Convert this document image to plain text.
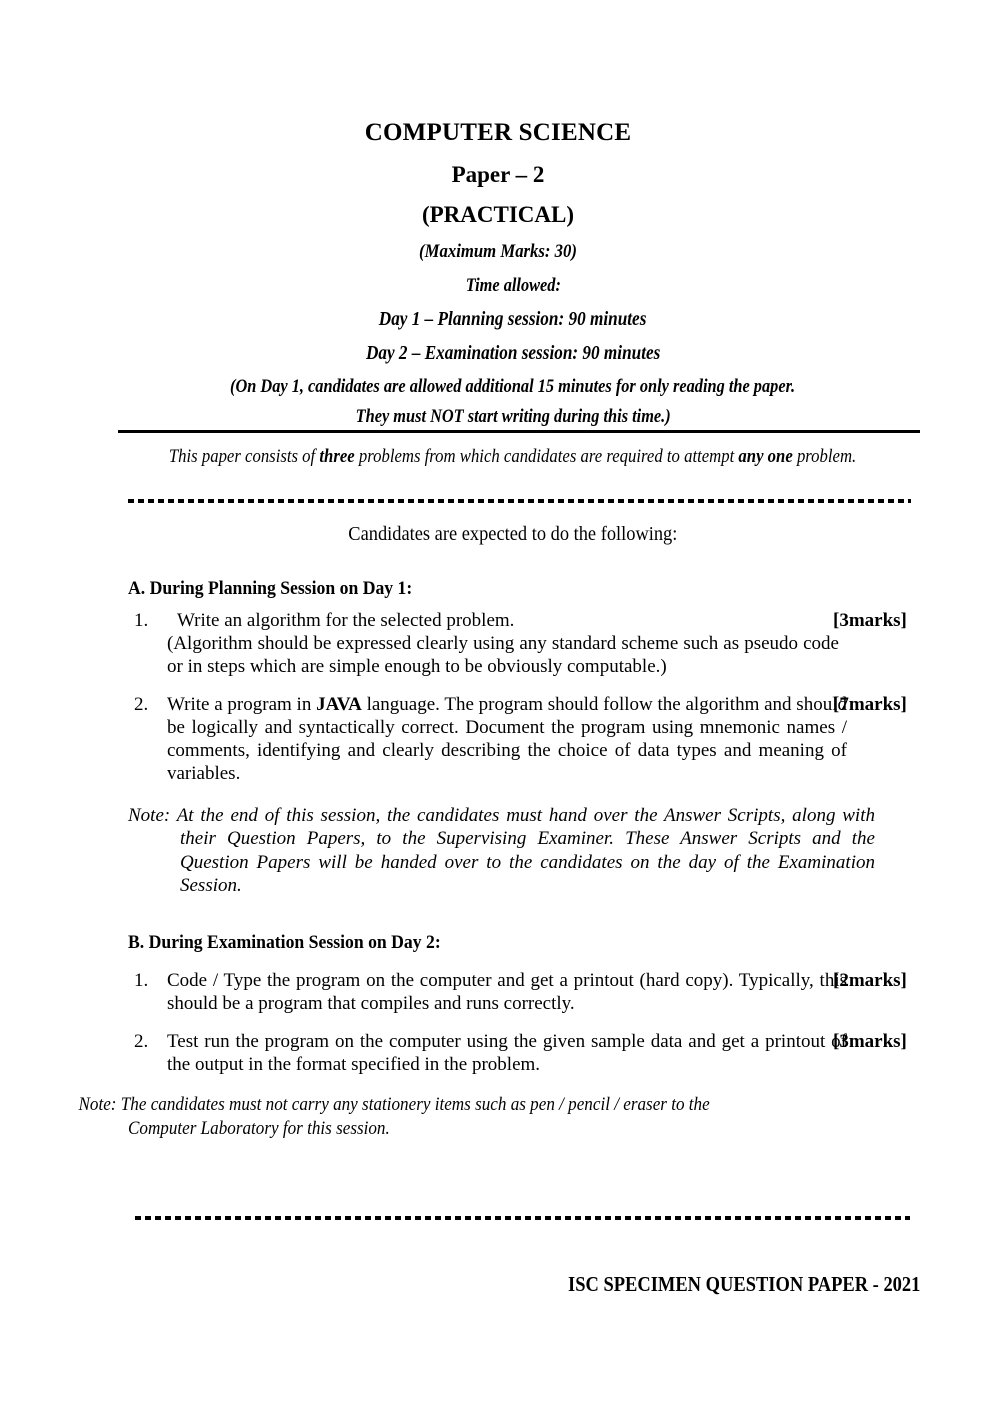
COMPUTER SCIENCE
Paper – 2
(PRACTICAL)
(Maximum Marks: 30)
Time allowed:
Day 1 – Planning session: 90 minutes
Day 2 – Examination session: 90 minutes
(On Day 1, candidates are allowed additional 15 minutes for only reading the paper.
They must NOT start writing during this time.)
This paper consists of three problems from which candidates are required to attempt any one problem.
Candidates are expected to do the following:
A. During Planning Session on Day 1:
1.	Write an algorithm for the selected problem.

(Algorithm should be expressed clearly using any standard scheme such as pseudo code or in steps which are simple enough to be obviously computable.)

[3marks]
2. Write a program in JAVA language. The program should follow the algorithm and should be logically and syntactically correct. Document the program using mnemonic names / comments, identifying and clearly describing the choice of data types and meaning of variables.

[7marks]
Note: At the end of this session, the candidates must hand over the Answer Scripts, along with their Question Papers, to the Supervising Examiner. These Answer Scripts and the Question Papers will be handed over to the candidates on the day of the Examination Session.
B. During Examination Session on Day 2:
1. Code / Type the program on the computer and get a printout (hard copy). Typically, this should be a program that compiles and runs correctly.

[2marks]
2. Test run the program on the computer using the given sample data and get a printout of the output in the format specified in the problem.

[3marks]
Note: The candidates must not carry any stationery items such as pen / pencil / eraser to the Computer Laboratory for this session.
ISC SPECIMEN QUESTION PAPER - 2021
